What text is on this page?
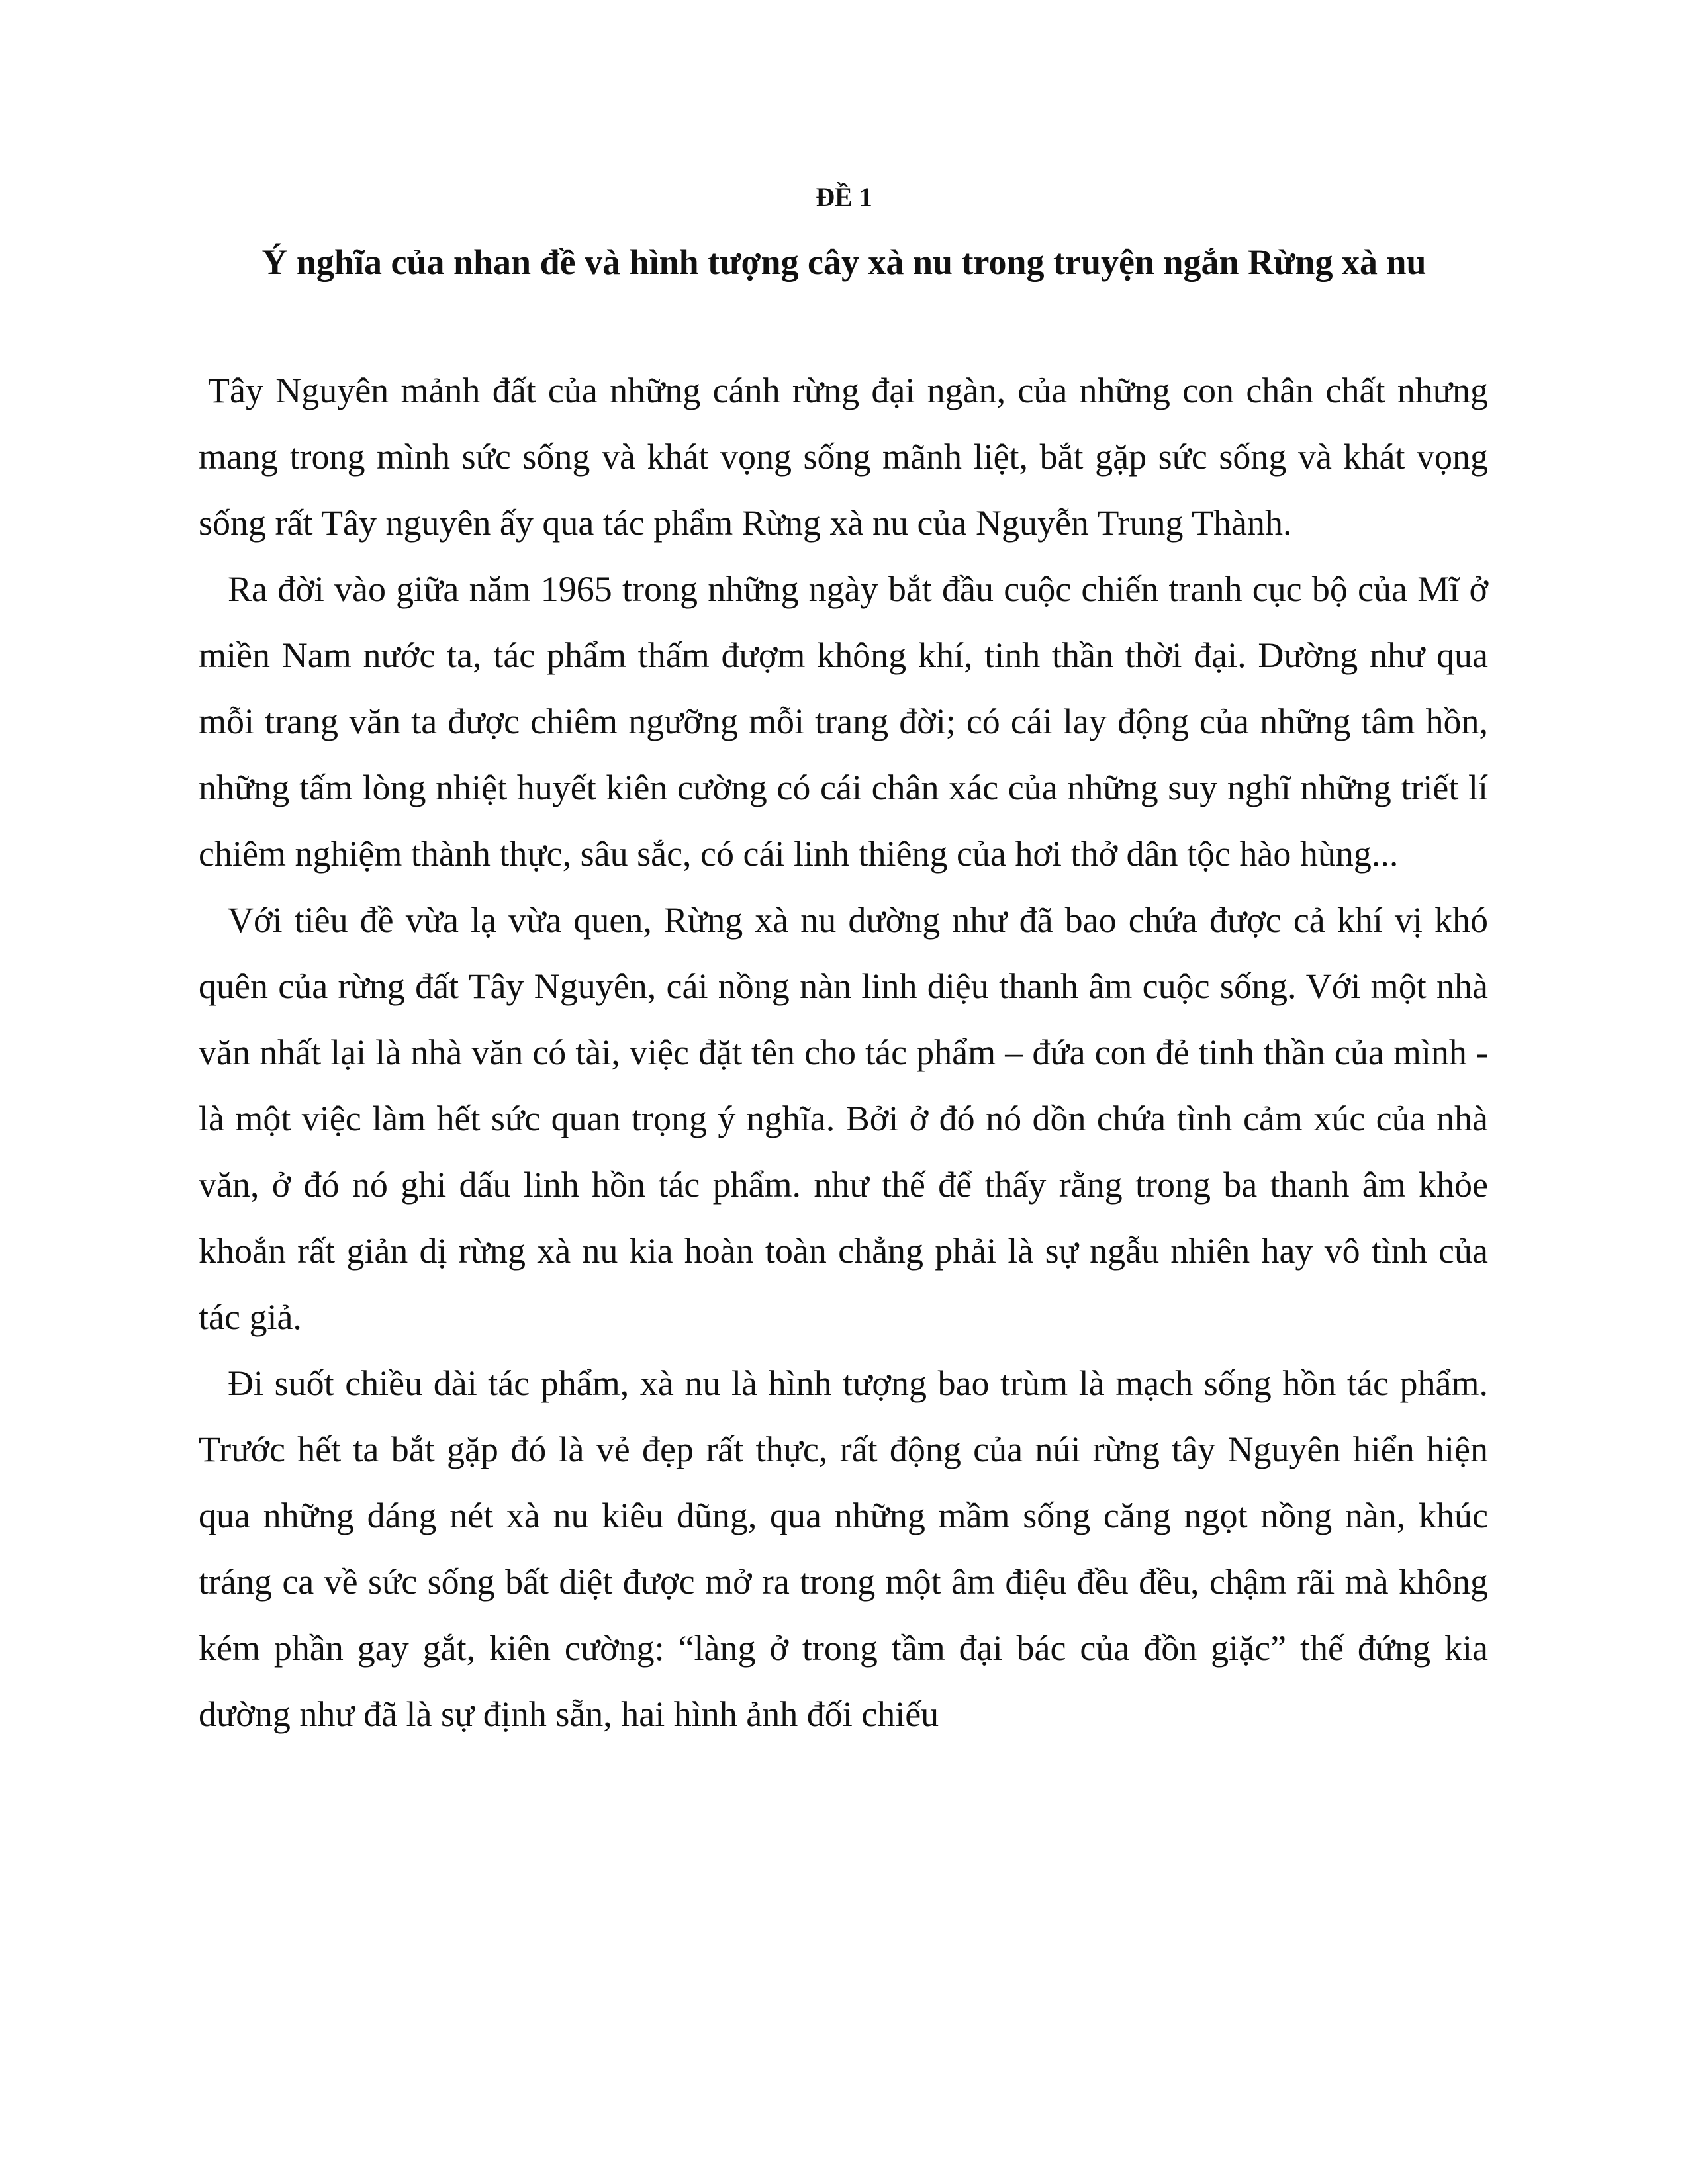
ĐỀ 1
Ý nghĩa của nhan đề và hình tượng cây xà nu trong truyện ngắn Rừng xà nu

Tây Nguyên mảnh đất của những cánh rừng đại ngàn, của những con chân chất nhưng mang trong mình sức sống và khát vọng sống mãnh liệt, bắt gặp sức sống và khát vọng sống rất Tây nguyên ấy qua tác phẩm Rừng xà nu của Nguyễn Trung Thành.

Ra đời vào giữa năm 1965 trong những ngày bắt đầu cuộc chiến tranh cục bộ của Mĩ ở miền Nam nước ta, tác phẩm thấm đượm không khí, tinh thần thời đại. Dường như qua mỗi trang văn ta được chiêm ngưỡng mỗi trang đời; có cái lay động của những tâm hồn, những tấm lòng nhiệt huyết kiên cường có cái chân xác của những suy nghĩ những triết lí chiêm nghiệm thành thực, sâu sắc, có cái linh thiêng của hơi thở dân tộc hào hùng...

Với tiêu đề vừa lạ vừa quen, Rừng xà nu dường như đã bao chứa được cả khí vị khó quên của rừng đất Tây Nguyên, cái nồng nàn linh diệu thanh âm cuộc sống. Với một nhà văn nhất lại là nhà văn có tài, việc đặt tên cho tác phẩm – đứa con đẻ tinh thần của mình - là một việc làm hết sức quan trọng ý nghĩa. Bởi ở đó nó dồn chứa tình cảm xúc của nhà văn, ở đó nó ghi dấu linh hồn tác phẩm. như thế để thấy rằng trong ba thanh âm khỏe khoắn rất giản dị rừng xà nu kia hoàn toàn chẳng phải là sự ngẫu nhiên hay vô tình của tác giả.

Đi suốt chiều dài tác phẩm, xà nu là hình tượng bao trùm là mạch sống hồn tác phẩm. Trước hết ta bắt gặp đó là vẻ đẹp rất thực, rất động của núi rừng tây Nguyên hiển hiện qua những dáng nét xà nu kiêu dũng, qua những mầm sống căng ngọt nồng nàn, khúc tráng ca về sức sống bất diệt được mở ra trong một âm điệu đều đều, chậm rãi mà không kém phần gay gắt, kiên cường: “làng ở trong tầm đại bác của đồn giặc” thế đứng kia dường như đã là sự định sẵn, hai hình ảnh đối chiếu
